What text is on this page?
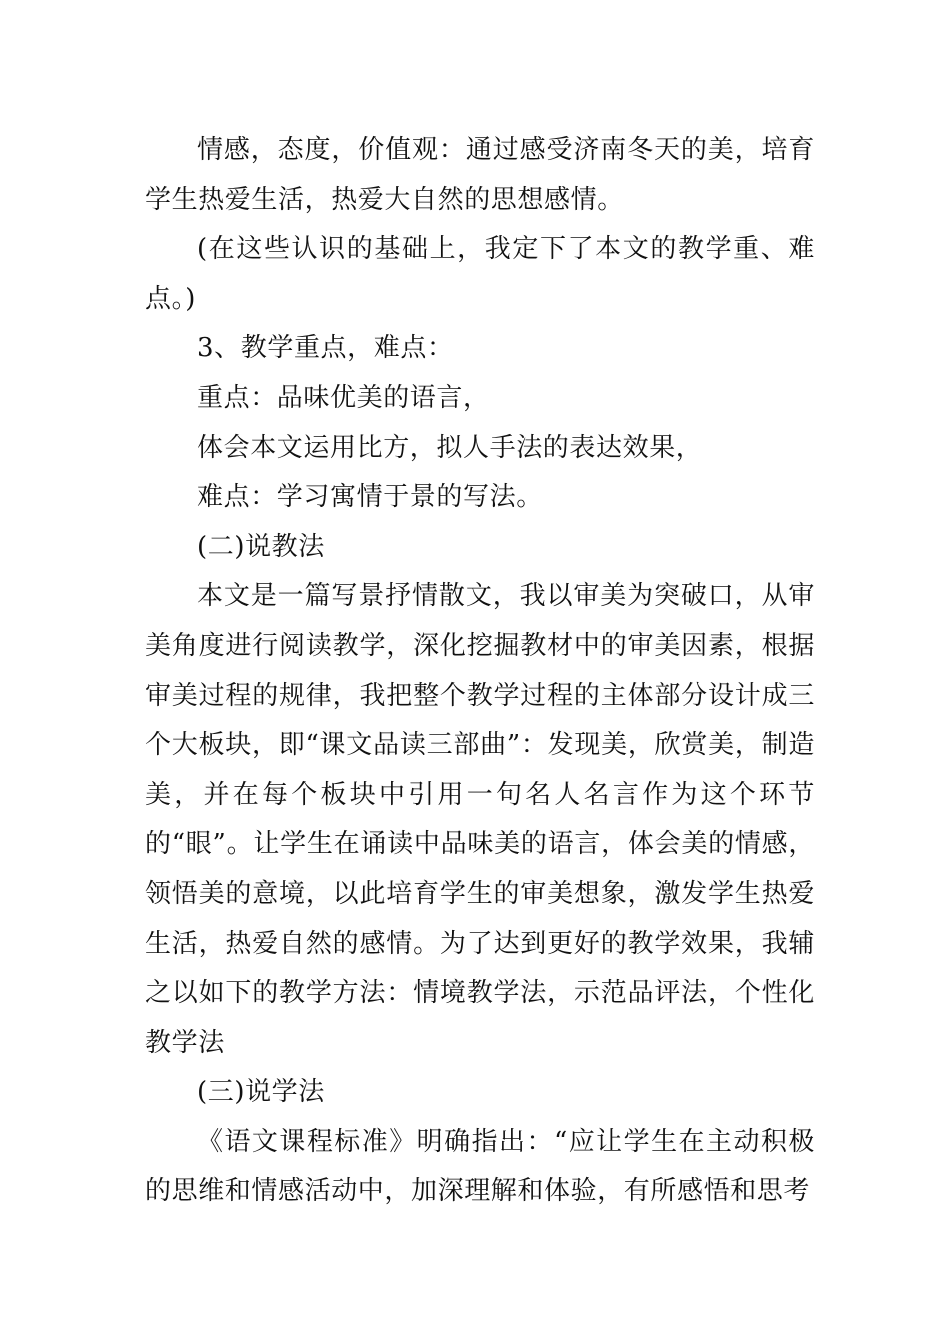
情感，态度，价值观：通过感受济南冬天的美，培育学生热爱生活，热爱大自然的思想感情。

(在这些认识的基础上，我定下了本文的教学重、难点。)

3、教学重点，难点：

重点：品味优美的语言，

体会本文运用比方，拟人手法的表达效果，

难点：学习寓情于景的写法。

(二)说教法

本文是一篇写景抒情散文，我以审美为突破口，从审美角度进行阅读教学，深化挖掘教材中的审美因素，根据审美过程的规律，我把整个教学过程的主体部分设计成三个大板块，即“课文品读三部曲”：发现美，欣赏美，制造美，并在每个板块中引用一句名人名言作为这个环节的“眼”。让学生在诵读中品味美的语言，体会美的情感，领悟美的意境，以此培育学生的审美想象，激发学生热爱生活，热爱自然的感情。为了达到更好的教学效果，我辅之以如下的教学方法：情境教学法，示范品评法，个性化教学法

(三)说学法

《语文课程标准》明确指出：“应让学生在主动积极的思维和情感活动中，加深理解和体验，有所感悟和思考
